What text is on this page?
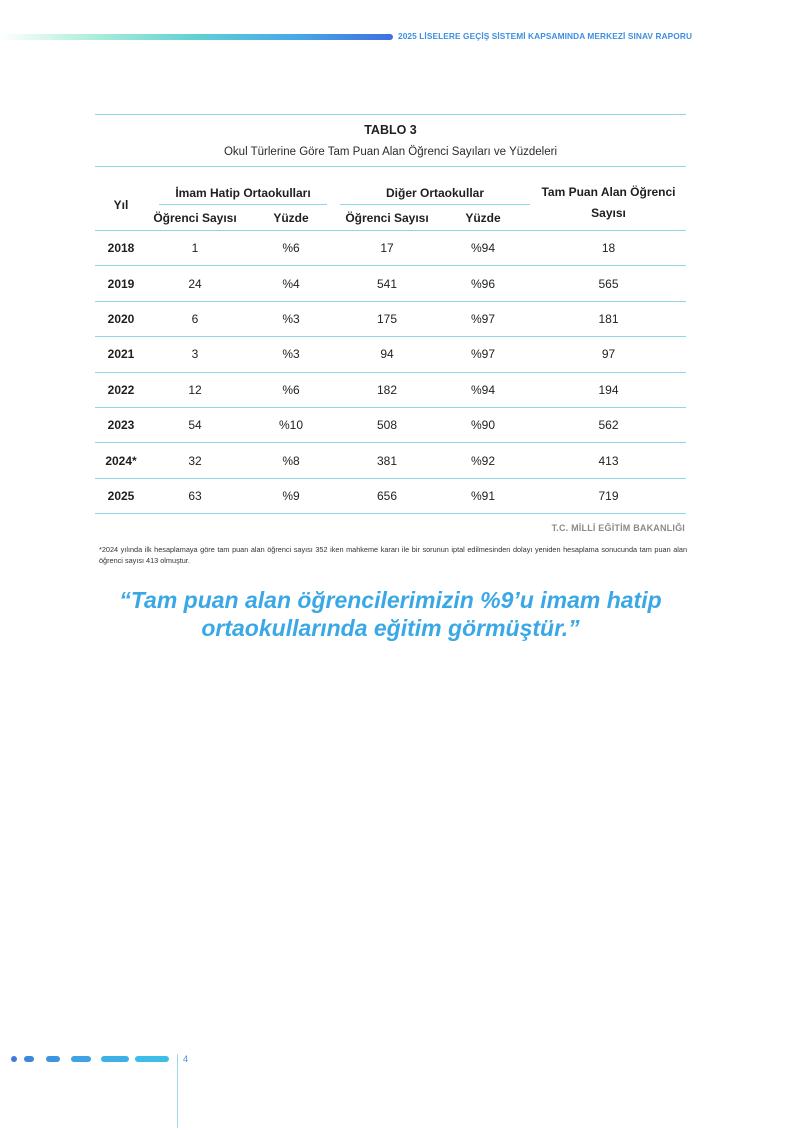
2025 LİSELERE GEÇİŞ SİSTEMİ KAPSAMINDA MERKEZİ SINAV RAPORU
TABLO 3
Okul Türlerine Göre Tam Puan Alan Öğrenci Sayıları ve Yüzdeleri
Yıl	İmam Hatip Ortaokulları		Diğer Ortaokullar		Tam Puan Alan Öğrenci Sayısı
	Öğrenci Sayısı	Yüzde	Öğrenci Sayısı	Yüzde	
2018	1	%6	17	%94	18
2019	24	%4	541	%96	565
2020	6	%3	175	%97	181
2021	3	%3	94	%97	97
2022	12	%6	182	%94	194
2023	54	%10	508	%90	562
2024*	32	%8	381	%92	413
2025	63	%9	656	%91	719
T.C. MİLLİ EĞİTİM BAKANLIĞI
*2024 yılında ilk hesaplamaya göre tam puan alan öğrenci sayısı 352 iken mahkeme kararı ile bir sorunun iptal edilmesinden dolayı yeniden hesaplama sonucunda tam puan alan öğrenci sayısı 413 olmuştur.
“Tam puan alan öğrencilerimizin %9’u imam hatip ortaokullarında eğitim görmüştür.”
4
